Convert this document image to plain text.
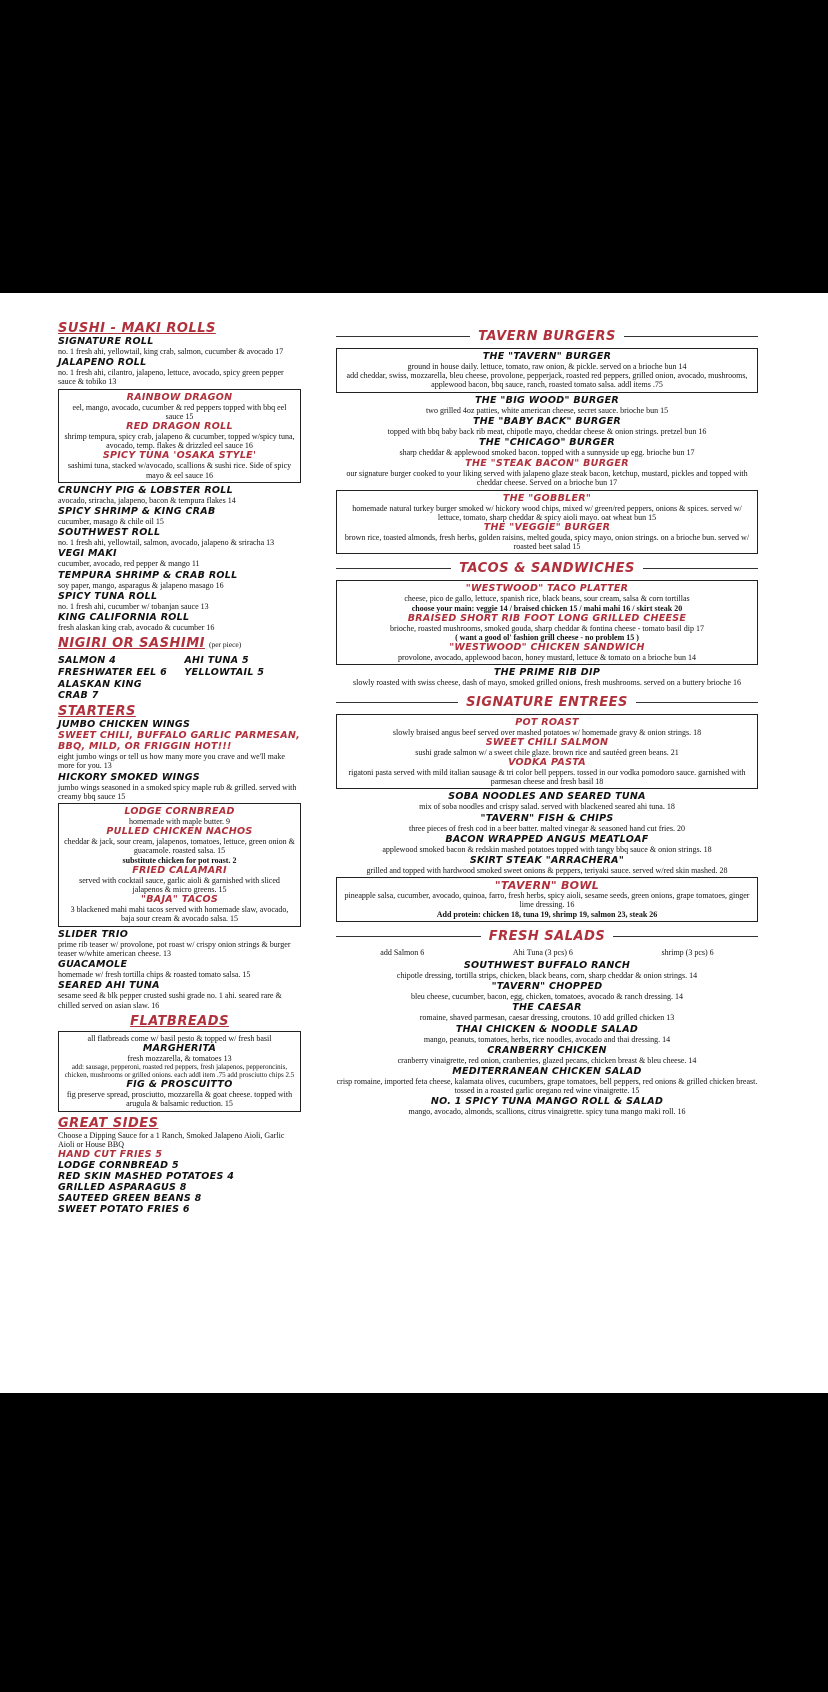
SUSHI - MAKI ROLLS
SIGNATURE ROLL
no. 1 fresh ahi, yellowtail, king crab, salmon, cucumber & avocado 17
JALAPENO ROLL
no. 1 fresh ahi, cilantro, jalapeno, lettuce, avocado, spicy green pepper sauce & tobiko 13
RAINBOW DRAGON
eel, mango, avocado, cucumber & red peppers topped with bbq eel sauce 15
RED DRAGON ROLL
shrimp tempura, spicy crab, jalapeno & cucumber, topped w/spicy tuna, avocado, temp. flakes & drizzled eel sauce 16
SPICY TUNA 'OSAKA STYLE'
sashimi tuna, stacked w/avocado, scallions & sushi rice. Side of spicy mayo & eel sauce 16
CRUNCHY PIG & LOBSTER ROLL
avocado, sriracha, jalapeno, bacon & tempura flakes 14
SPICY SHRIMP & KING CRAB
cucumber, masago & chile oil 15
SOUTHWEST ROLL
no. 1 fresh ahi, yellowtail, salmon, avocado, jalapeno & sriracha 13
VEGI MAKI
cucumber, avocado, red pepper & mango 11
TEMPURA SHRIMP & CRAB ROLL
soy paper, mango, asparagus & jalapeno masago 16
SPICY TUNA ROLL
no. 1 fresh ahi, cucumber w/ tobanjan sauce 13
KING CALIFORNIA ROLL
fresh alaskan king crab, avocado & cucumber 16
NIGIRI OR SASHIMI (per piece)
SALMON 4	AHI TUNA 5
FRESHWATER EEL 6	YELLOWTAIL 5
ALASKAN KING CRAB 7
STARTERS
JUMBO CHICKEN WINGS
SWEET CHILI, BUFFALO GARLIC PARMESAN, BBQ, MILD, OR FRIGGIN HOT!!!
eight jumbo wings or tell us how many more you crave and we'll make more for you. 13
HICKORY SMOKED WINGS
jumbo wings seasoned in a smoked spicy maple rub & grilled. served with creamy bbq sauce 15
LODGE CORNBREAD
homemade with maple butter. 9
PULLED CHICKEN NACHOS
cheddar & jack, sour cream, jalapenos, tomatoes, lettuce, green onion & guacamole. roasted salsa. 15
substitute chicken for pot roast. 2
FRIED CALAMARI
served with cocktail sauce, garlic aioli & garnished with sliced jalapenos & micro greens. 15
"BAJA" TACOS
3 blackened mahi mahi tacos served with homemade slaw, avocado, baja sour cream & avocado salsa. 15
SLIDER TRIO
prime rib teaser w/ provolone, pot roast w/ crispy onion strings & burger teaser w/white american cheese. 13
GUACAMOLE
homemade w/ fresh tortilla chips & roasted tomato salsa. 15
SEARED AHI TUNA
sesame seed & blk pepper crusted sushi grade no. 1 ahi. seared rare & chilled served on asian slaw. 16
FLATBREADS
all flatbreads come w/ basil pesto & topped w/ fresh basil
MARGHERITA
fresh mozzarella, & tomatoes 13
add: sausage, pepperoni, roasted red peppers, fresh jalapenos, pepperoncinis, chicken, mushrooms or grilled onions. each addl item .75 add prosciutto chips 2.5
FIG & PROSCUITTO
fig preserve spread, prosciutto, mozzarella & goat cheese. topped with arugula & balsamic reduction. 15
GREAT SIDES
Choose a Dipping Sauce for a 1 Ranch, Smoked Jalapeno Aioli, Garlic Aioli or House BBQ
HAND CUT FRIES 5
LODGE CORNBREAD 5
RED SKIN MASHED POTATOES 4
GRILLED ASPARAGUS 8
SAUTEED GREEN BEANS 8
SWEET POTATO FRIES 6
TAVERN BURGERS
THE "TAVERN" BURGER
ground in house daily. lettuce, tomato, raw onion, & pickle. served on a brioche bun 14
add cheddar, swiss, mozzarella, bleu cheese, provolone, pepperjack, roasted red peppers, grilled onion, avocado, mushrooms, applewood bacon, bbq sauce, ranch, roasted tomato salsa. addl items .75
THE "BIG WOOD" BURGER
two grilled 4oz patties, white american cheese, secret sauce. brioche bun 15
THE "BABY BACK" BURGER
topped with bbq baby back rib meat, chipotle mayo, cheddar cheese & onion strings. pretzel bun 16
THE "CHICAGO" BURGER
sharp cheddar & applewood smoked bacon. topped with a sunnyside up egg. brioche bun 17
THE "STEAK BACON" BURGER
our signature burger cooked to your liking served with jalapeno glaze steak bacon, ketchup, mustard, pickles and topped with cheddar cheese. Served on a brioche bun 17
THE "GOBBLER"
homemade natural turkey burger smoked w/ hickory wood chips, mixed w/ green/red peppers, onions & spices. served w/ lettuce, tomato, sharp cheddar & spicy aioli mayo. oat wheat bun 15
THE "VEGGIE" BURGER
brown rice, toasted almonds, fresh herbs, golden raisins, melted gouda, spicy mayo, onion strings. on a brioche bun. served w/ roasted beet salad 15
TACOS & SANDWICHES
"WESTWOOD" TACO PLATTER
cheese, pico de gallo, lettuce, spanish rice, black beans, sour cream, salsa & corn tortillas
choose your main: veggie 14 / braised chicken 15 / mahi mahi 16 / skirt steak 20
BRAISED SHORT RIB FOOT LONG GRILLED CHEESE
brioche, roasted mushrooms, smoked gouda, sharp cheddar & fontina cheese - tomato basil dip 17
( want a good ol' fashion grill cheese - no problem 15 )
"WESTWOOD" CHICKEN SANDWICH
provolone, avocado, applewood bacon, honey mustard, lettuce & tomato on a brioche bun 14
THE PRIME RIB DIP
slowly roasted with swiss cheese, dash of mayo, smoked grilled onions, fresh mushrooms. served on a buttery brioche 16
SIGNATURE ENTREES
POT ROAST
slowly braised angus beef served over mashed potatoes w/ homemade gravy & onion strings. 18
SWEET CHILI SALMON
sushi grade salmon w/ a sweet chile glaze. brown rice and sautéed green beans. 21
VODKA PASTA
rigatoni pasta served with mild italian sausage & tri color bell peppers. tossed in our vodka pomodoro sauce. garnished with parmesan cheese and fresh basil 18
SOBA NOODLES AND SEARED TUNA
mix of soba noodles and crispy salad. served with blackened seared ahi tuna. 18
"TAVERN" FISH & CHIPS
three pieces of fresh cod in a beer batter. malted vinegar & seasoned hand cut fries. 20
BACON WRAPPED ANGUS MEATLOAF
applewood smoked bacon & redskin mashed potatoes topped with tangy bbq sauce & onion strings. 18
SKIRT STEAK "ARRACHERA"
grilled and topped with hardwood smoked sweet onions & peppers, teriyaki sauce. served w/red skin mashed. 28
"TAVERN" BOWL
pineapple salsa, cucumber, avocado, quinoa, farro, fresh herbs, spicy aioli, sesame seeds, green onions, grape tomatoes, ginger lime dressing. 16
Add protein: chicken 18, tuna 19, shrimp 19, salmon 23, steak 26
FRESH SALADS
add Salmon 6	Ahi Tuna (3 pcs) 6	shrimp (3 pcs) 6
SOUTHWEST BUFFALO RANCH
chipotle dressing, tortilla strips, chicken, black beans, corn, sharp cheddar & onion strings. 14
"TAVERN" CHOPPED
bleu cheese, cucumber, bacon, egg, chicken, tomatoes, avocado & ranch dressing. 14
THE CAESAR
romaine, shaved parmesan, caesar dressing, croutons. 10 add grilled chicken 13
THAI CHICKEN & NOODLE SALAD
mango, peanuts, tomatoes, herbs, rice noodles, avocado and thai dressing. 14
CRANBERRY CHICKEN
cranberry vinaigrette, red onion, cranberries, glazed pecans, chicken breast & bleu cheese. 14
MEDITERRANEAN CHICKEN SALAD
crisp romaine, imported feta cheese, kalamata olives, cucumbers, grape tomatoes, bell peppers, red onions & grilled chicken breast. tossed in a roasted garlic oregano red wine vinaigrette. 15
NO. 1 SPICY TUNA MANGO ROLL & SALAD
mango, avocado, almonds, scallions, citrus vinaigrette. spicy tuna mango maki roll. 16
